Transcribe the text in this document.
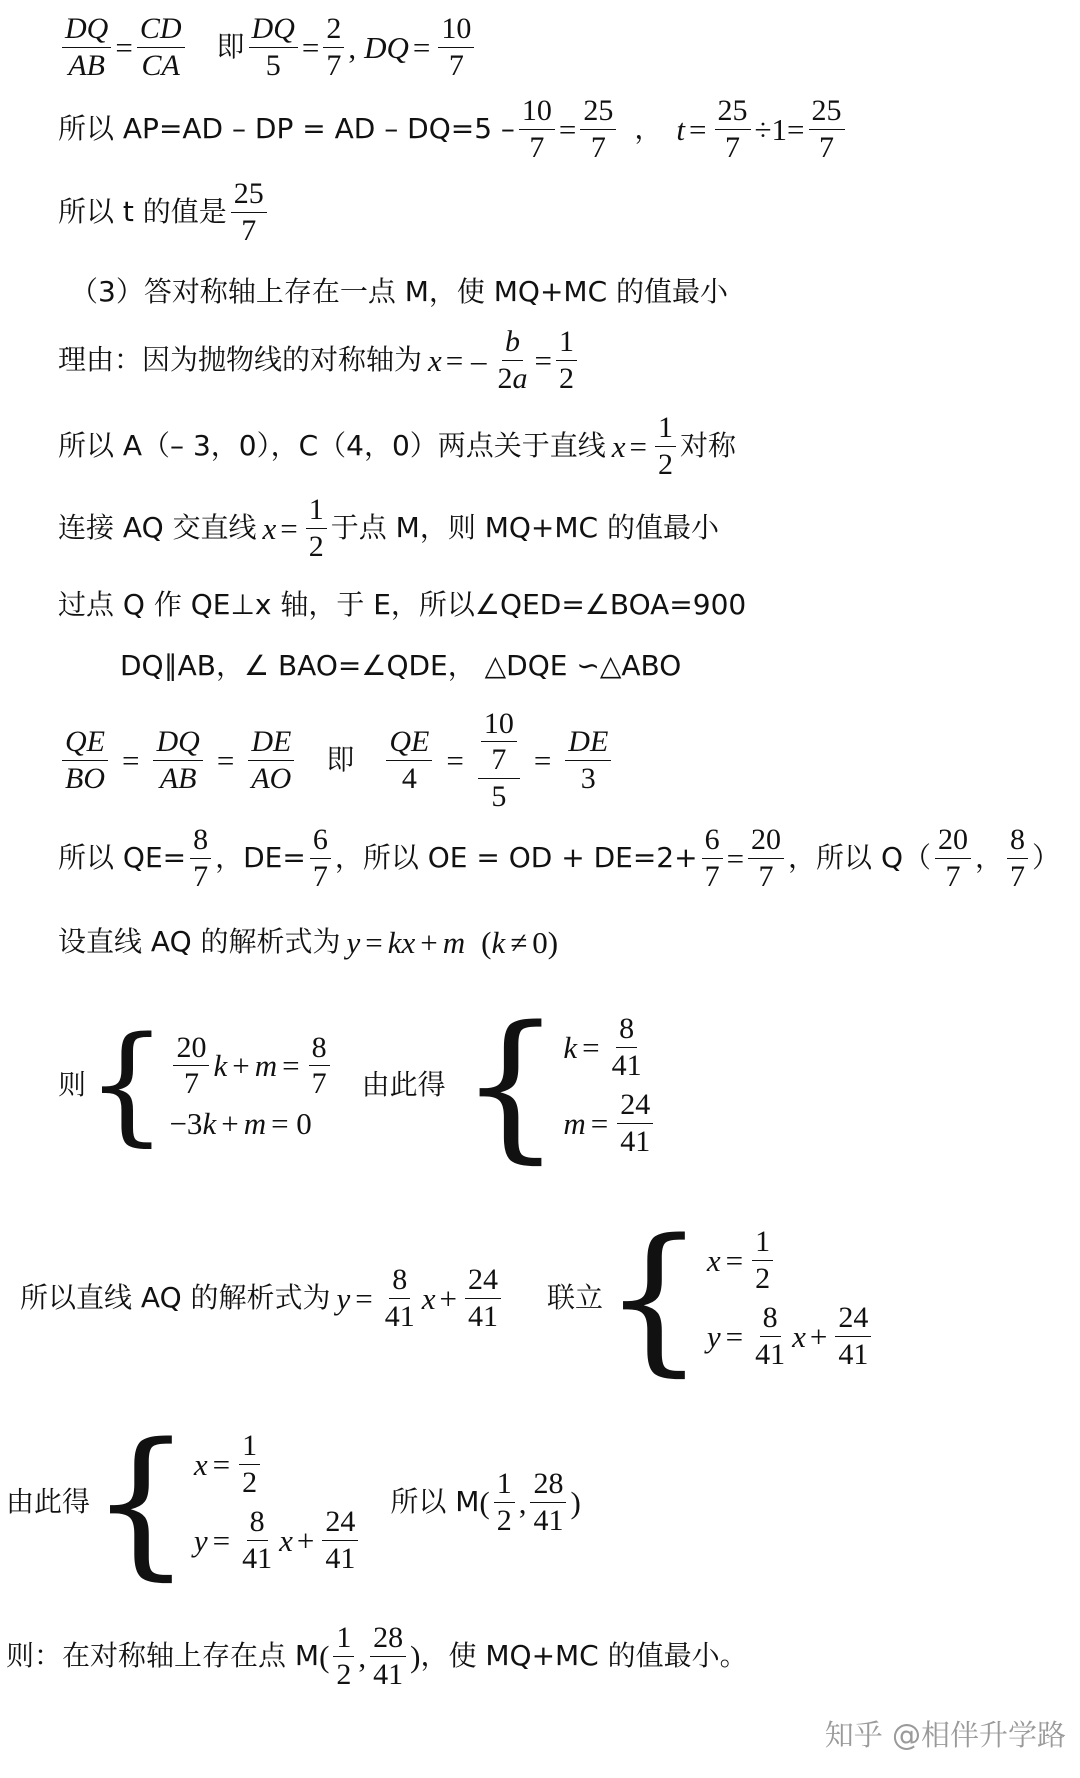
$\frac{DQ}{AB} = \frac{CD}{CA}$ 即 $\frac{DQ}{5} = \frac{2}{7}$ , DQ = $\frac{10}{7}$
所以 AP=AD – DP = AD – $DQ=5 - \frac{10}{7} = \frac{25}{7}$ ， $t = \frac{25}{7} \div 1= \frac{25}{7}$
所以 t 的值是 $\frac{25}{7}$
（3）答对称轴上存在一点 M，使 MQ+MC 的值最小
理由：因为抛物线的对称轴为 x = – $\frac{b}{2a} = \frac{1}{2}$
所以 A（– 3，0），C（4，0）两点关于直线 $x = \frac{1}{2}$ 对称
连接 AQ 交直线 $x = \frac{1}{2}$ 于点 M，则 MQ+MC 的值最小
过点 Q 作 QE⊥x 轴，于 E，所以∠QED=∠BOA=900
DQ∥AB，∠ BAO=∠QDE， △DQE ∽△ABO
$\frac{QE}{BO} = \frac{DQ}{AB} = \frac{DE}{AO}$ 即 $\frac{QE}{4} = \frac{\frac{10}{7}}{5} = \frac{DE}{3}$
所以 $QE= \frac{8}{7}$ ，$DE= \frac{6}{7}$ ，所以 OE = OD + $DE=2+ \frac{6}{7} = \frac{20}{7}$ ，所以 $Q( \frac{20}{7}$ ， $\frac{8}{7}$ ）
设直线 AQ 的解析式为 y = kx + m ( k ≠ 0)
则 { $\frac{20}{7}$ $k + m = \frac{8}{7}$
−3 k + m = 0
由此得 { $k = \frac{8}{41}$
$m = \frac{24}{41}$
所以直线 AQ 的解析式为 $y = \frac{8}{41}$ $x + \frac{24}{41}$ 联立 { $x = \frac{1}{2}$
$y = \frac{8}{41}$ $x + \frac{24}{41}$
由此得 { $x = \frac{1}{2}$
$y = \frac{8}{41}$ $x + \frac{24}{41}$
所以 M ( $\frac{1}{2}$ , $\frac{28}{41}$ )
则：在对称轴上存在点 M ( $\frac{1}{2}$ , $\frac{28}{41}$ ) ，使 MQ+MC 的值最小。
知乎 @相伴升学路
